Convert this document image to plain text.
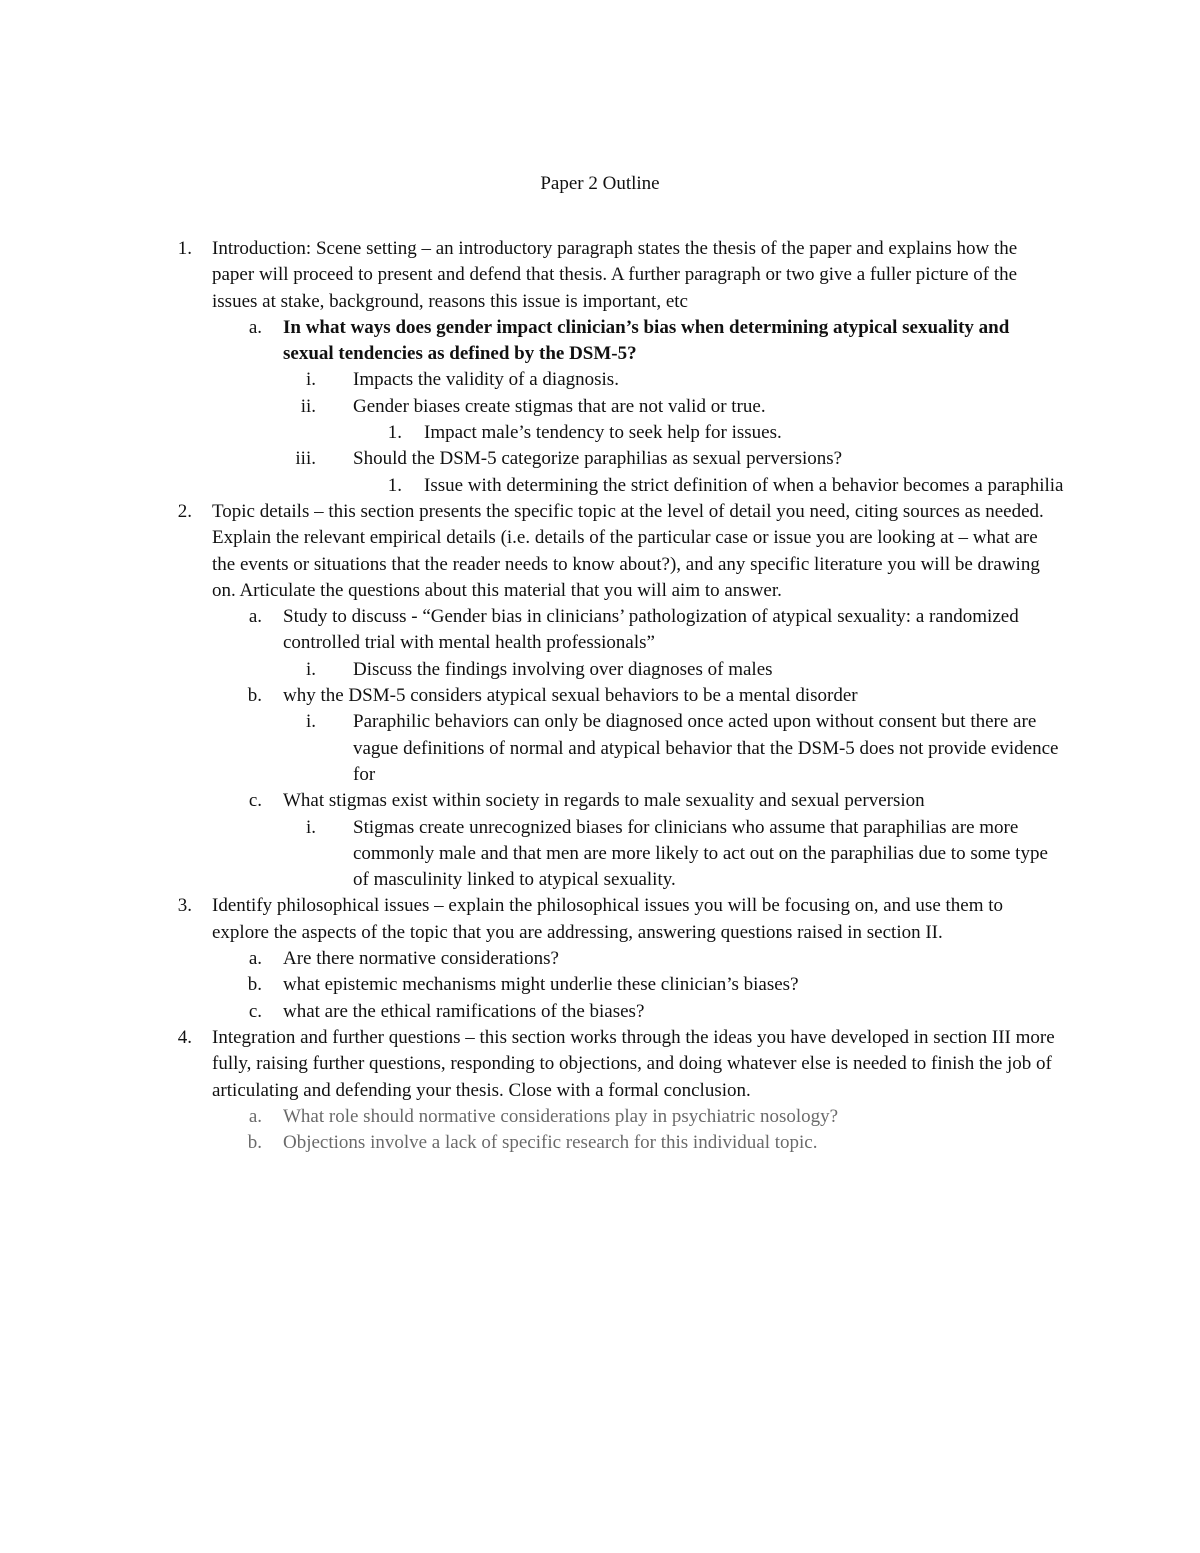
Paper 2 Outline
1. Introduction: Scene setting – an introductory paragraph states the thesis of the paper and explains how the paper will proceed to present and defend that thesis. A further paragraph or two give a fuller picture of the issues at stake, background, reasons this issue is important, etc
a. In what ways does gender impact clinician’s bias when determining atypical sexuality and sexual tendencies as defined by the DSM-5?
i. Impacts the validity of a diagnosis.
ii. Gender biases create stigmas that are not valid or true.
1. Impact male’s tendency to seek help for issues.
iii. Should the DSM-5 categorize paraphilias as sexual perversions?
1. Issue with determining the strict definition of when a behavior becomes a paraphilia
2. Topic details – this section presents the specific topic at the level of detail you need, citing sources as needed. Explain the relevant empirical details (i.e. details of the particular case or issue you are looking at – what are the events or situations that the reader needs to know about?), and any specific literature you will be drawing on. Articulate the questions about this material that you will aim to answer.
a. Study to discuss - “Gender bias in clinicians’ pathologization of atypical sexuality: a randomized controlled trial with mental health professionals”
i. Discuss the findings involving over diagnoses of males
b. why the DSM-5 considers atypical sexual behaviors to be a mental disorder
i. Paraphilic behaviors can only be diagnosed once acted upon without consent but there are vague definitions of normal and atypical behavior that the DSM-5 does not provide evidence for
c. What stigmas exist within society in regards to male sexuality and sexual perversion
i. Stigmas create unrecognized biases for clinicians who assume that paraphilias are more commonly male and that men are more likely to act out on the paraphilias due to some type of masculinity linked to atypical sexuality.
3. Identify philosophical issues – explain the philosophical issues you will be focusing on, and use them to explore the aspects of the topic that you are addressing, answering questions raised in section II.
a. Are there normative considerations?
b. what epistemic mechanisms might underlie these clinician’s biases?
c. what are the ethical ramifications of the biases?
4. Integration and further questions – this section works through the ideas you have developed in section III more fully, raising further questions, responding to objections, and doing whatever else is needed to finish the job of articulating and defending your thesis. Close with a formal conclusion.
a. What role should normative considerations play in psychiatric nosology?
b. Objections involve a lack of specific research for this individual topic.
